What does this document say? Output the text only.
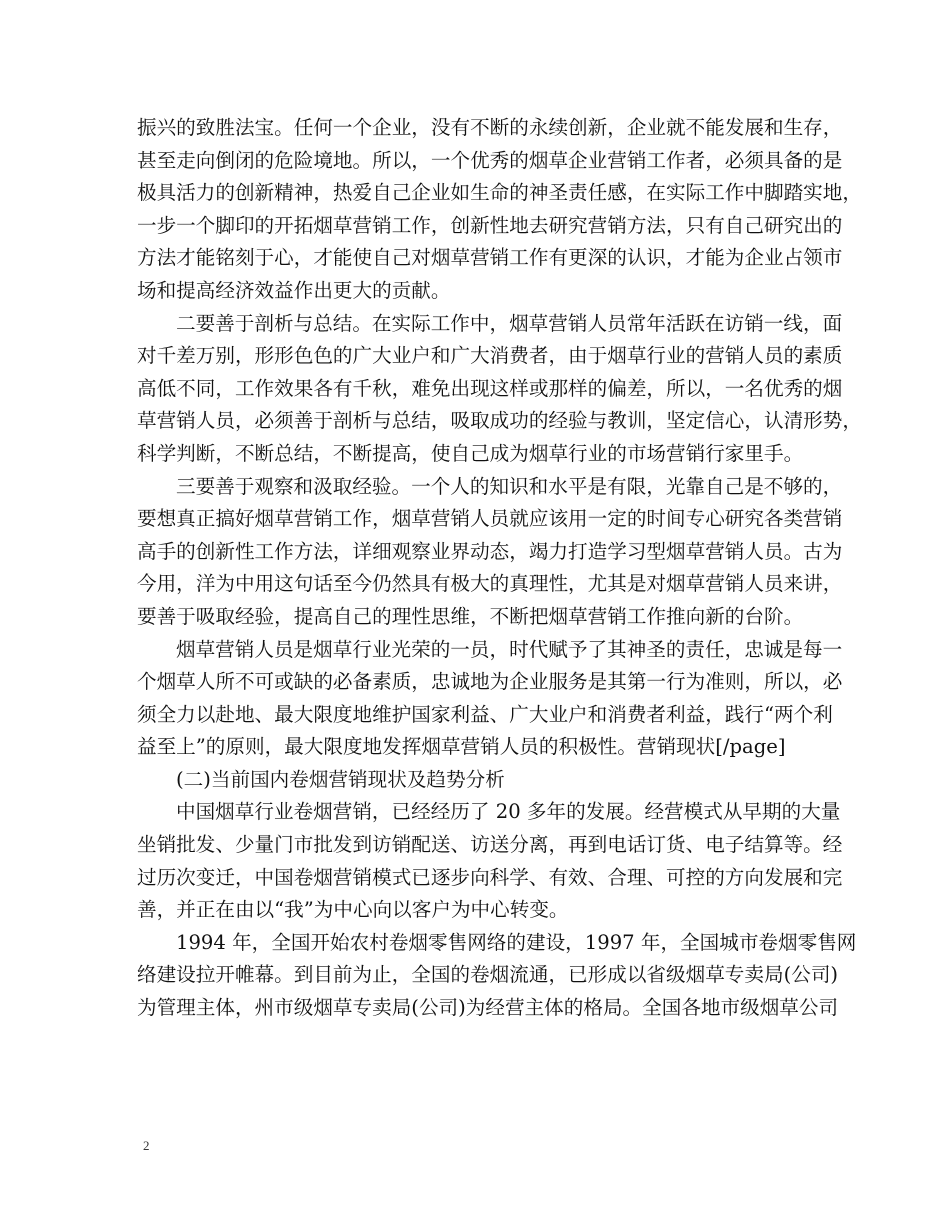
振兴的致胜法宝。任何一个企业，没有不断的永续创新，企业就不能发展和生存，
甚至走向倒闭的危险境地。所以，一个优秀的烟草企业营销工作者，必须具备的是
极具活力的创新精神，热爱自己企业如生命的神圣责任感，在实际工作中脚踏实地，
一步一个脚印的开拓烟草营销工作，创新性地去研究营销方法，只有自己研究出的
方法才能铭刻于心，才能使自己对烟草营销工作有更深的认识，才能为企业占领市
场和提高经济效益作出更大的贡献。
二要善于剖析与总结。在实际工作中，烟草营销人员常年活跃在访销一线，面
对千差万别，形形色色的广大业户和广大消费者，由于烟草行业的营销人员的素质
高低不同，工作效果各有千秋，难免出现这样或那样的偏差，所以，一名优秀的烟
草营销人员，必须善于剖析与总结，吸取成功的经验与教训，坚定信心，认清形势，
科学判断，不断总结，不断提高，使自己成为烟草行业的市场营销行家里手。
三要善于观察和汲取经验。一个人的知识和水平是有限，光靠自己是不够的，
要想真正搞好烟草营销工作，烟草营销人员就应该用一定的时间专心研究各类营销
高手的创新性工作方法，详细观察业界动态，竭力打造学习型烟草营销人员。古为
今用，洋为中用这句话至今仍然具有极大的真理性，尤其是对烟草营销人员来讲，
要善于吸取经验，提高自己的理性思维，不断把烟草营销工作推向新的台阶。
烟草营销人员是烟草行业光荣的一员，时代赋予了其神圣的责任，忠诚是每一
个烟草人所不可或缺的必备素质，忠诚地为企业服务是其第一行为准则，所以，必
须全力以赴地、最大限度地维护国家利益、广大业户和消费者利益，践行“两个利
益至上”的原则，最大限度地发挥烟草营销人员的积极性。营销现状[/page]
(二)当前国内卷烟营销现状及趋势分析
中国烟草行业卷烟营销，已经经历了 20 多年的发展。经营模式从早期的大量
坐销批发、少量门市批发到访销配送、访送分离，再到电话订货、电子结算等。经
过历次变迁，中国卷烟营销模式已逐步向科学、有效、合理、可控的方向发展和完
善，并正在由以“我”为中心向以客户为中心转变。
1994 年，全国开始农村卷烟零售网络的建设，1997 年，全国城市卷烟零售网
络建设拉开帷幕。到目前为止，全国的卷烟流通，已形成以省级烟草专卖局(公司)
为管理主体，州市级烟草专卖局(公司)为经营主体的格局。全国各地市级烟草公司
2
